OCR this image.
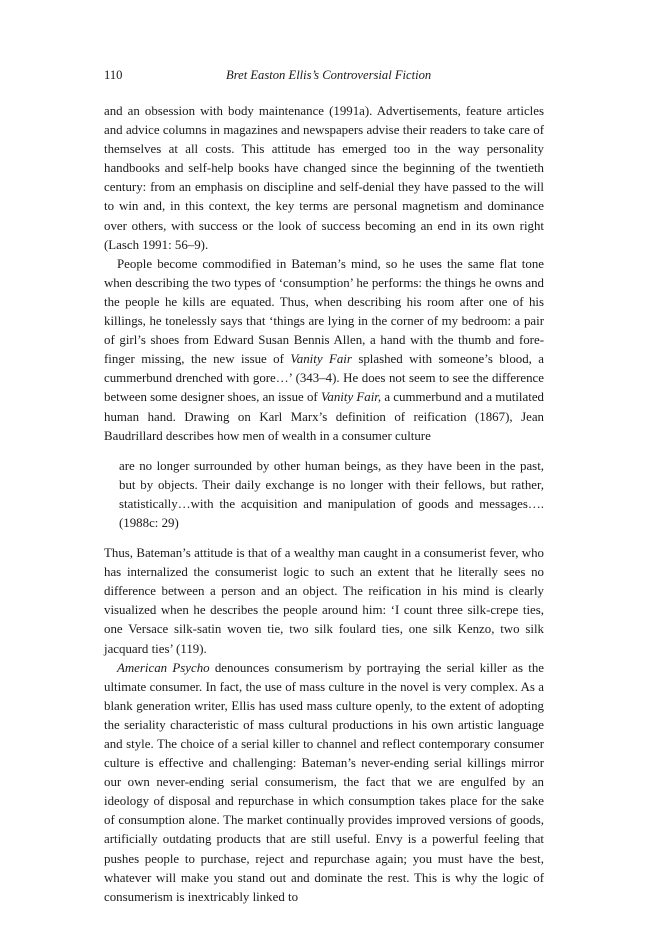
110	Bret Easton Ellis’s Controversial Fiction

and an obsession with body maintenance (1991a). Advertisements, feature articles and advice columns in magazines and newspapers advise their readers to take care of themselves at all costs. This attitude has emerged too in the way personality handbooks and self-help books have changed since the beginning of the twentieth century: from an emphasis on discipline and self-denial they have passed to the will to win and, in this context, the key terms are personal magnetism and dominance over others, with success or the look of success becoming an end in its own right (Lasch 1991: 56–9).

People become commodified in Bateman’s mind, so he uses the same flat tone when describing the two types of ‘consumption’ he performs: the things he owns and the people he kills are equated. Thus, when describing his room after one of his killings, he tonelessly says that ‘things are lying in the corner of my bedroom: a pair of girl’s shoes from Edward Susan Bennis Allen, a hand with the thumb and fore-finger missing, the new issue of Vanity Fair splashed with someone’s blood, a cummerbund drenched with gore…’ (343–4). He does not seem to see the difference between some designer shoes, an issue of Vanity Fair, a cummerbund and a mutilated human hand. Drawing on Karl Marx’s definition of reification (1867), Jean Baudrillard describes how men of wealth in a consumer culture

are no longer surrounded by other human beings, as they have been in the past, but by objects. Their daily exchange is no longer with their fellows, but rather, statistically…with the acquisition and manipulation of goods and messages…. (1988c: 29)

Thus, Bateman’s attitude is that of a wealthy man caught in a consumerist fever, who has internalized the consumerist logic to such an extent that he literally sees no difference between a person and an object. The reification in his mind is clearly visualized when he describes the people around him: ‘I count three silk-crepe ties, one Versace silk-satin woven tie, two silk foulard ties, one silk Kenzo, two silk jacquard ties’ (119).

American Psycho denounces consumerism by portraying the serial killer as the ultimate consumer. In fact, the use of mass culture in the novel is very complex. As a blank generation writer, Ellis has used mass culture openly, to the extent of adopting the seriality characteristic of mass cultural productions in his own artistic language and style. The choice of a serial killer to channel and reflect contemporary consumer culture is effective and challenging: Bateman’s never-ending serial killings mirror our own never-ending serial consumerism, the fact that we are engulfed by an ideology of disposal and repurchase in which consumption takes place for the sake of consumption alone. The market continually provides improved versions of goods, artificially outdating products that are still useful. Envy is a powerful feeling that pushes people to purchase, reject and repurchase again; you must have the best, whatever will make you stand out and dominate the rest. This is why the logic of consumerism is inextricably linked to
